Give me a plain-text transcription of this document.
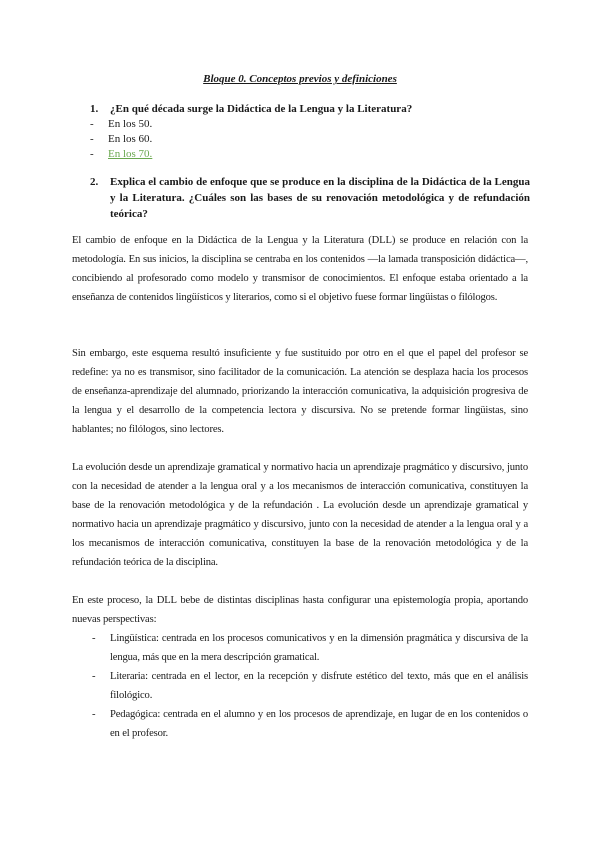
Bloque 0. Conceptos previos y definiciones
1. ¿En qué década surge la Didáctica de la Lengua y la Literatura?
- En los 50.
- En los 60.
- En los 70.
2. Explica el cambio de enfoque que se produce en la disciplina de la Didáctica de la Lengua y la Literatura. ¿Cuáles son las bases de su renovación metodológica y de refundación teórica?
El cambio de enfoque en la Didáctica de la Lengua y la Literatura (DLL) se produce en relación con la metodología. En sus inicios, la disciplina se centraba en los contenidos —la lamada transposición didáctica—, concibiendo al profesorado como modelo y transmisor de conocimientos. El enfoque estaba orientado a la enseñanza de contenidos lingüísticos y literarios, como si el objetivo fuese formar lingüistas o filólogos.
Sin embargo, este esquema resultó insuficiente y fue sustituido por otro en el que el papel del profesor se redefine: ya no es transmisor, sino facilitador de la comunicación. La atención se desplaza hacia los procesos de enseñanza-aprendizaje del alumnado, priorizando la interacción comunicativa, la adquisición progresiva de la lengua y el desarrollo de la competencia lectora y discursiva. No se pretende formar lingüistas, sino hablantes; no filólogos, sino lectores.
La evolución desde un aprendizaje gramatical y normativo hacia un aprendizaje pragmático y discursivo, junto con la necesidad de atender a la lengua oral y a los mecanismos de interacción comunicativa, constituyen la base de la renovación metodológica y de la refundación . La evolución desde un aprendizaje gramatical y normativo hacia un aprendizaje pragmático y discursivo, junto con la necesidad de atender a la lengua oral y a los mecanismos de interacción comunicativa, constituyen la base de la renovación metodológica y de la refundación teórica de la disciplina.
En este proceso, la DLL bebe de distintas disciplinas hasta configurar una epistemología propia, aportando nuevas perspectivas:
- Lingüística: centrada en los procesos comunicativos y en la dimensión pragmática y discursiva de la lengua, más que en la mera descripción gramatical.
- Literaria: centrada en el lector, en la recepción y disfrute estético del texto, más que en el análisis filológico.
- Pedagógica: centrada en el alumno y en los procesos de aprendizaje, en lugar de en los contenidos o en el profesor.
